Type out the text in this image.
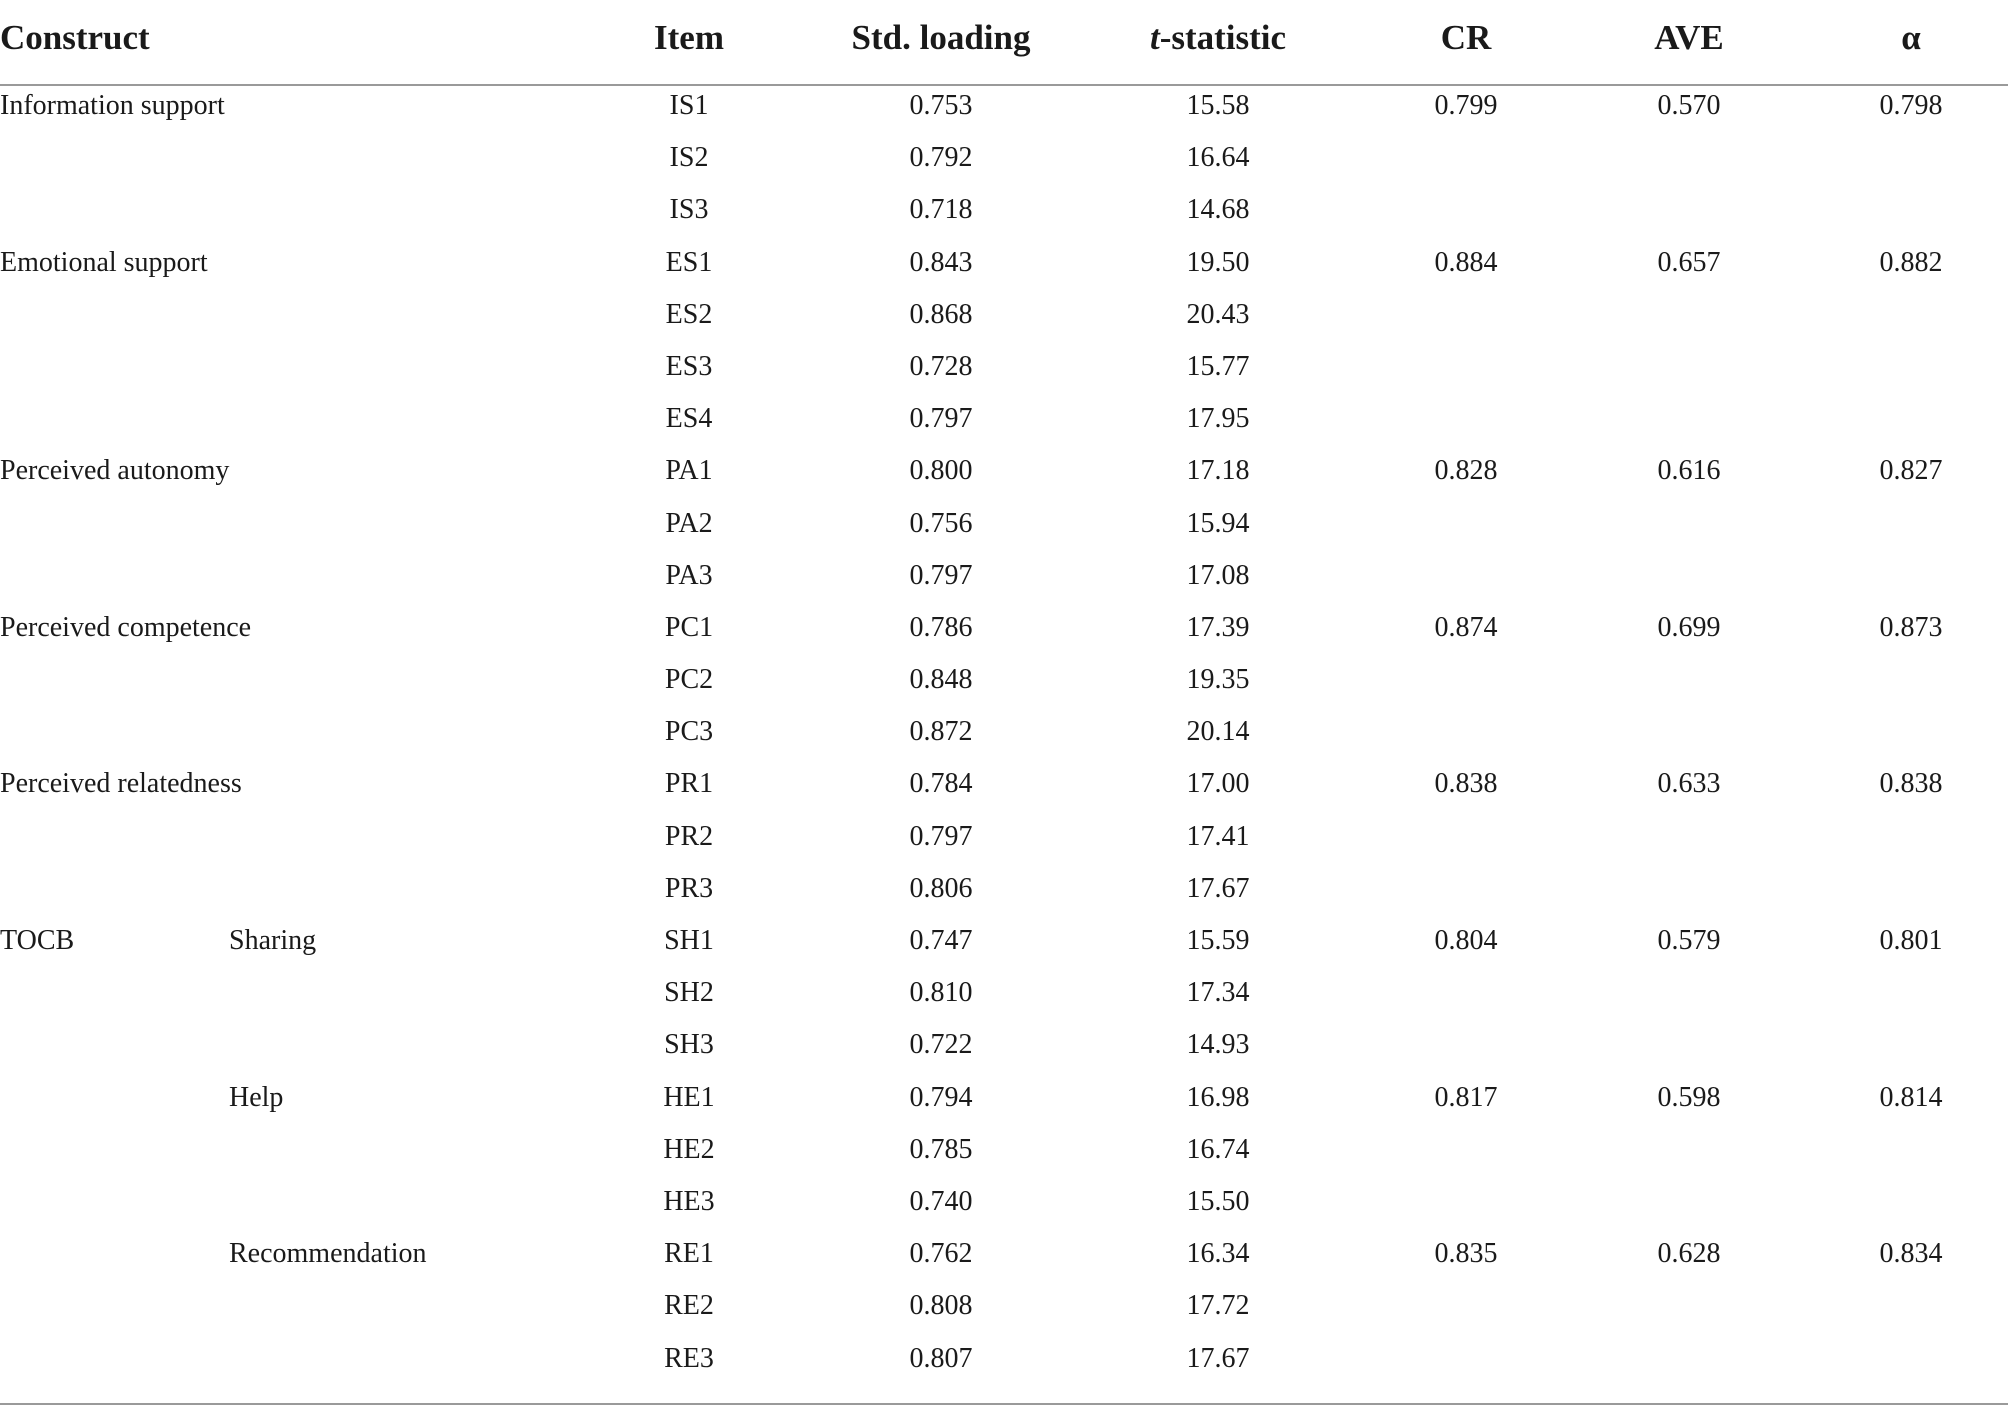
Construct	Item	Std. loading	t-statistic	CR	AVE	α
Information support	IS1	0.753	15.58	0.799	0.570	0.798
IS2	0.792	16.64
IS3	0.718	14.68
Emotional support	ES1	0.843	19.50	0.884	0.657	0.882
ES2	0.868	20.43
ES3	0.728	15.77
ES4	0.797	17.95
Perceived autonomy	PA1	0.800	17.18	0.828	0.616	0.827
PA2	0.756	15.94
PA3	0.797	17.08
Perceived competence	PC1	0.786	17.39	0.874	0.699	0.873
PC2	0.848	19.35
PC3	0.872	20.14
Perceived relatedness	PR1	0.784	17.00	0.838	0.633	0.838
PR2	0.797	17.41
PR3	0.806	17.67
TOCB	Sharing	SH1	0.747	15.59	0.804	0.579	0.801
SH2	0.810	17.34
SH3	0.722	14.93
Help	HE1	0.794	16.98	0.817	0.598	0.814
HE2	0.785	16.74
HE3	0.740	15.50
Recommendation	RE1	0.762	16.34	0.835	0.628	0.834
RE2	0.808	17.72
RE3	0.807	17.67
